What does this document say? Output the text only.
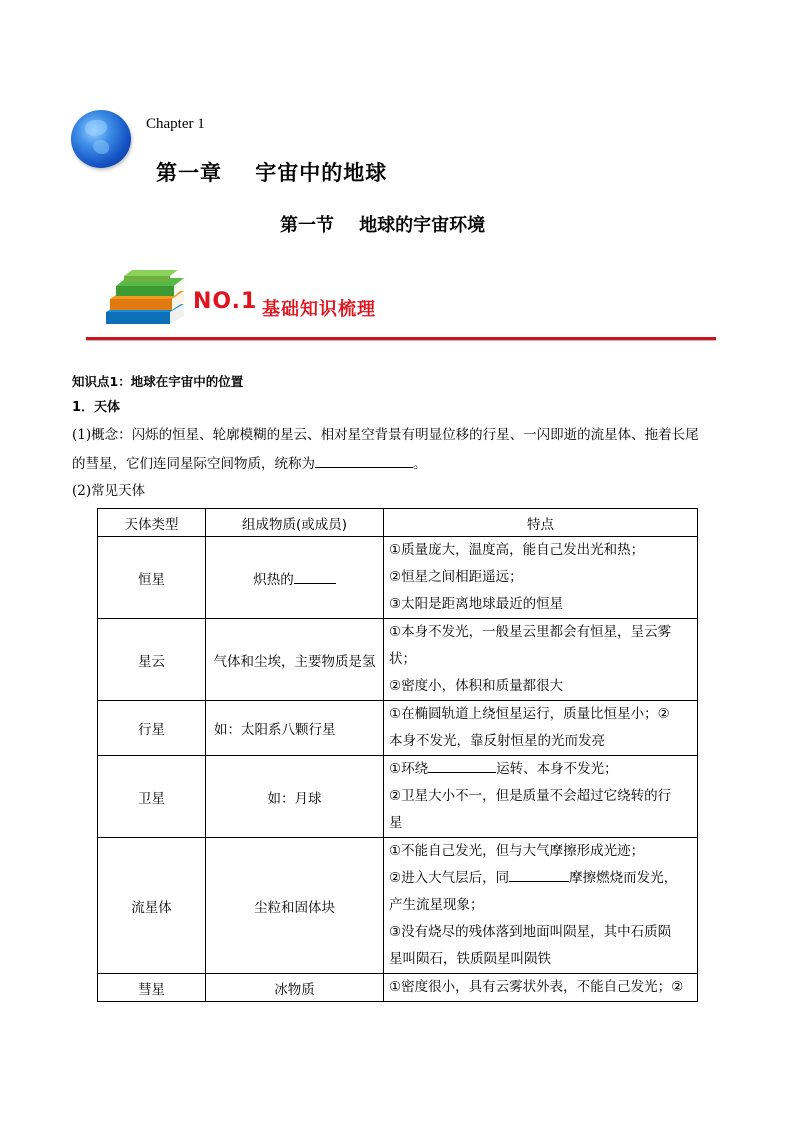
Chapter 1
第一章    宇宙中的地球
第一节    地球的宇宙环境
NO.1 基础知识梳理
知识点1：地球在宇宙中的位置
1．天体
(1)概念：闪烁的恒星、轮廓模糊的星云、相对星空背景有明显位移的行星、一闪即逝的流星体、拖着长尾
的彗星，它们连同星际空间物质，统称为	。
(2)常见天体
天体类型	组成物质(或成员)	特点
恒星	炽热的	①质量庞大，温度高，能自己发出光和热；
②恒星之间相距遥远；
③太阳是距离地球最近的恒星

星云	气体和尘埃，主要物质是氢	①本身不发光，一般星云里都会有恒星，呈云雾
状；
②密度小，体积和质量都很大

行星	如：太阳系八颗行星	①在椭圆轨道上绕恒星运行，质量比恒星小；②
本身不发光，靠反射恒星的光而发亮

卫星	如：月球	①环绕 运转、本身不发光；
②卫星大小不一，但是质量不会超过它绕转的行
星

流星体	尘粒和固体块	①不能自己发光，但与大气摩擦形成光迹；
②进入大气层后，同 摩擦燃烧而发光，
产生流星现象；
③没有烧尽的残体落到地面叫陨星，其中石质陨
星叫陨石，铁质陨星叫陨铁

彗星	冰物质	①密度很小，具有云雾状外表，不能自己发光；②
